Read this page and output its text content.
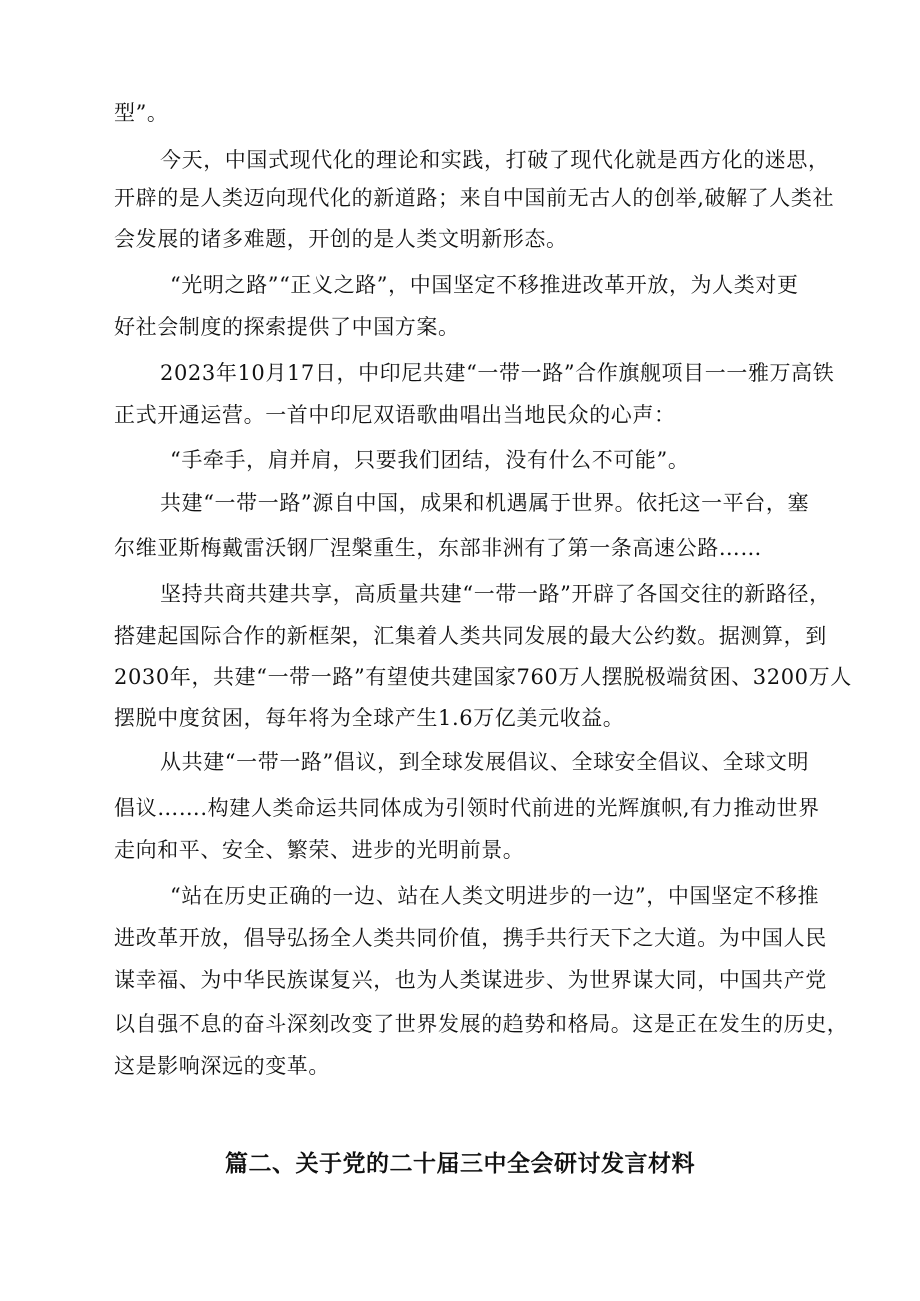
型”。
今天，中国式现代化的理论和实践，打破了现代化就是西方化的迷思，
开辟的是人类迈向现代化的新道路；来自中国前无古人的创举,破解了人类社
会发展的诸多难题，开创的是人类文明新形态。
“光明之路”“正义之路”，中国坚定不移推进改革开放，为人类对更
好社会制度的探索提供了中国方案。
2023年10月17日，中印尼共建“一带一路”合作旗舰项目一一雅万高铁
正式开通运营。一首中印尼双语歌曲唱出当地民众的心声：
“手牵手，肩并肩，只要我们团结，没有什么不可能”。
共建“一带一路”源自中国，成果和机遇属于世界。依托这一平台，塞
尔维亚斯梅戴雷沃钢厂涅槃重生，东部非洲有了第一条高速公路……
坚持共商共建共享，高质量共建“一带一路”开辟了各国交往的新路径，
搭建起国际合作的新框架，汇集着人类共同发展的最大公约数。据测算，到
2030年，共建“一带一路”有望使共建国家760万人摆脱极端贫困、3200万人
摆脱中度贫困，每年将为全球产生1.6万亿美元收益。
从共建“一带一路”倡议，到全球发展倡议、全球安全倡议、全球文明
倡议…….构建人类命运共同体成为引领时代前进的光辉旗帜,有力推动世界
走向和平、安全、繁荣、进步的光明前景。
“站在历史正确的一边、站在人类文明进步的一边”，中国坚定不移推
进改革开放，倡导弘扬全人类共同价值，携手共行天下之大道。为中国人民
谋幸福、为中华民族谋复兴，也为人类谋进步、为世界谋大同，中国共产党
以自强不息的奋斗深刻改变了世界发展的趋势和格局。这是正在发生的历史，
这是影响深远的变革。
篇二、关于党的二十届三中全会研讨发言材料
